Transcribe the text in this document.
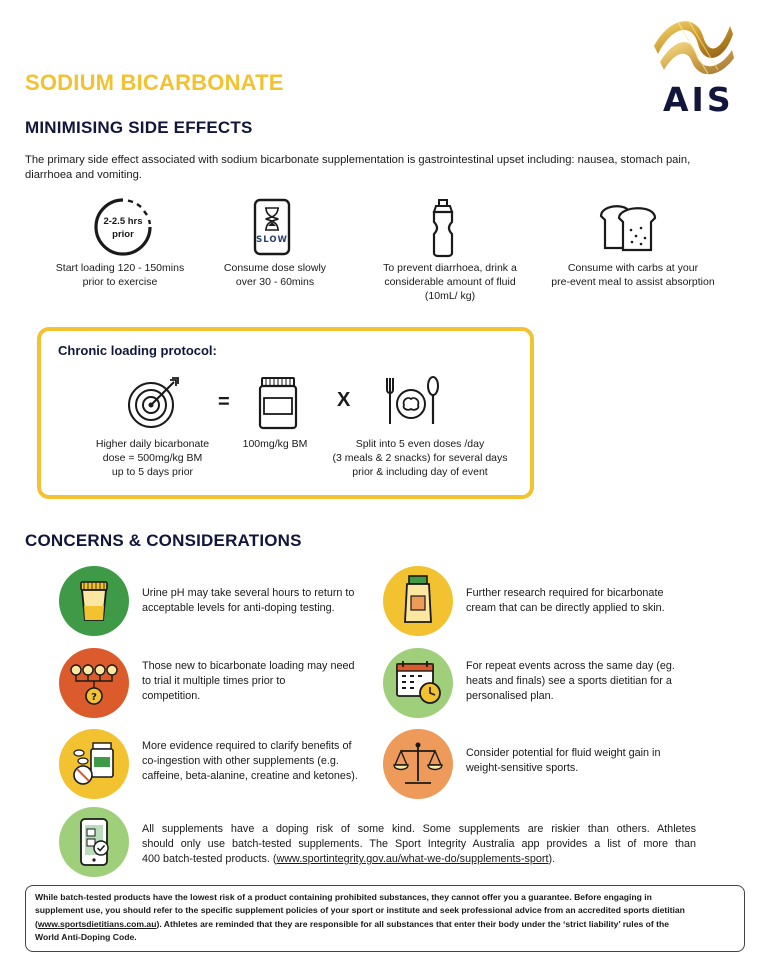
AIS
SODIUM BICARBONATE
MINIMISING SIDE EFFECTS
The primary side effect associated with sodium bicarbonate supplementation is gastrointestinal upset including: nausea, stomach pain, diarrhoea and vomiting.
2-2.5 hrs
prior	SLOW
Start loading 120 - 150mins
prior to exercise
Consume dose slowly
over 30 - 60mins
To prevent diarrhoea, drink a
considerable amount of fluid
(10mL/ kg)
Consume with carbs at your
pre-event meal to assist absorption
Chronic loading protocol:
=	X
Higher daily bicarbonate
dose = 500mg/kg BM
up to 5 days prior
100mg/kg BM	Split into 5 even doses /day
(3 meals & 2 snacks) for several days
prior & including day of event
CONCERNS & CONSIDERATIONS
Urine pH may take several hours to return to
acceptable levels for anti-doping testing.
Further research required for bicarbonate
cream that can be directly applied to skin.
?
Those new to bicarbonate loading may need
to trial it multiple times prior to
competition.
For repeat events across the same day (eg.
heats and finals) see a sports dietitian for a
personalised plan.
More evidence required to clarify benefits of
co-ingestion with other supplements (e.g.
caffeine, beta-alanine, creatine and ketones).
Consider potential for fluid weight gain in
weight-sensitive sports.
All supplements have a doping risk of some kind. Some supplements are riskier than others. Athletes
should only use batch-tested supplements. The Sport Integrity Australia app provides a list of more than
400 batch-tested products. (www.sportintegrity.gov.au/what-we-do/supplements-sport).
While batch-tested products have the lowest risk of a product containing prohibited substances, they cannot offer you a guarantee. Before engaging in
supplement use, you should refer to the specific supplement policies of your sport or institute and seek professional advice from an accredited sports dietitian
(www.sportsdietitians.com.au). Athletes are reminded that they are responsible for all substances that enter their body under the ‘strict liability’ rules of the
World Anti-Doping Code.
